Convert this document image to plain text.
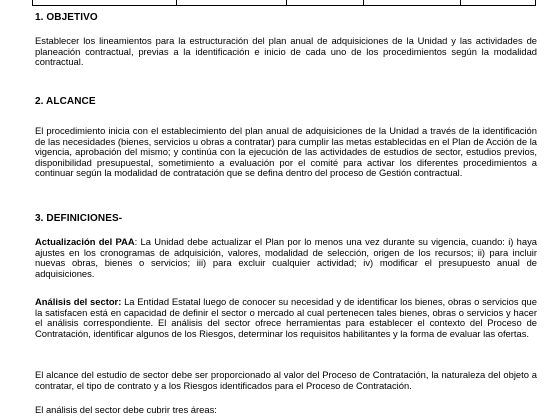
1. OBJETIVO

Establecer los lineamientos para la estructuración del plan anual de adquisiciones de la Unidad y las actividades de planeación contractual, previas a la identificación e inicio de cada uno de los procedimientos según la modalidad contractual.

2. ALCANCE

El procedimiento inicia con el establecimiento del plan anual de adquisiciones de la Unidad a través de la identificación de las necesidades (bienes, servicios u obras a contratar) para cumplir las metas establecidas en el Plan de Acción de la vigencia, aprobación del mismo; y continúa con la ejecución de las actividades de estudios de sector, estudios previos, disponibilidad presupuestal, sometimiento a evaluación por el comité para activar los diferentes procedimientos a continuar según la modalidad de contratación que se defina dentro del proceso de Gestión contractual.

3. DEFINICIONES-

Actualización del PAA: La Unidad debe actualizar el Plan por lo menos una vez durante su vigencia, cuando: i) haya ajustes en los cronogramas de adquisición, valores, modalidad de selección, origen de los recursos; ii) para incluir nuevas obras, bienes o servicios; iii) para excluir cualquier actividad; iv) modificar el presupuesto anual de adquisiciones.

Análisis del sector: La Entidad Estatal luego de conocer su necesidad y de identificar los bienes, obras o servicios que la satisfacen está en capacidad de definir el sector o mercado al cual pertenecen tales bienes, obras o servicios y hacer el análisis correspondiente. El análisis del sector ofrece herramientas para establecer el contexto del Proceso de Contratación, identificar algunos de los Riesgos, determinar los requisitos habilitantes y la forma de evaluar las ofertas.

El alcance del estudio de sector debe ser proporcionado al valor del Proceso de Contratación, la naturaleza del objeto a contratar, el tipo de contrato y a los Riesgos identificados para el Proceso de Contratación.

El análisis del sector debe cubrir tres áreas:
